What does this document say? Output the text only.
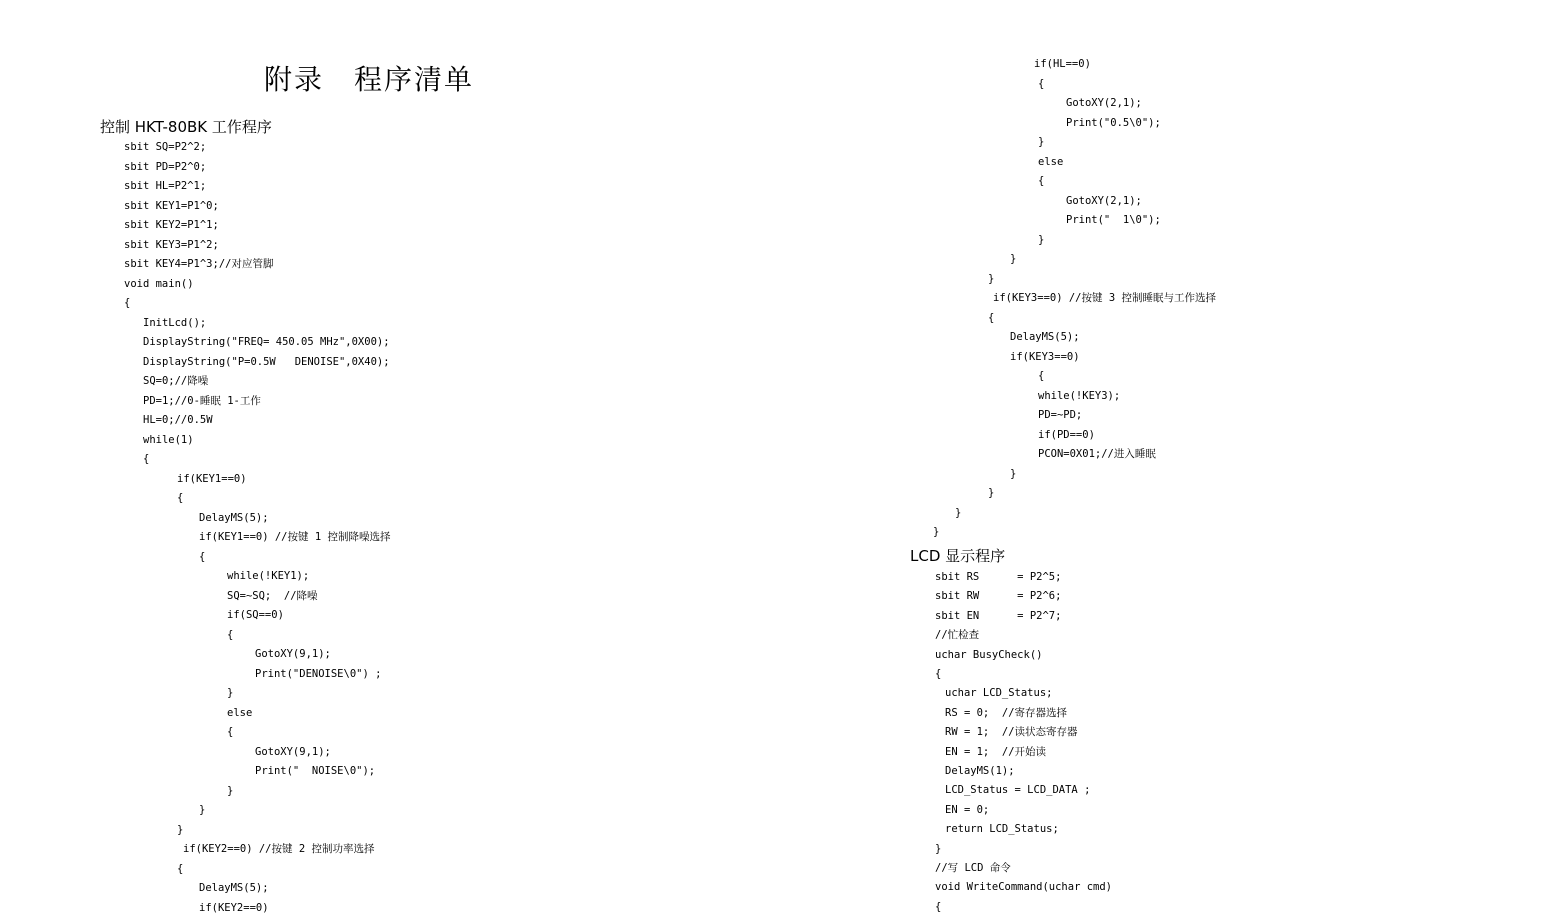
附录　程序清单
控制 HKT-80BK 工作程序
sbit SQ=P2^2;
sbit PD=P2^0;
sbit HL=P2^1;
sbit KEY1=P1^0;
sbit KEY2=P1^1;
sbit KEY3=P1^2;
sbit KEY4=P1^3;//对应管脚
void main()
{
InitLcd();
DisplayString("FREQ= 450.05 MHz",0X00);
DisplayString("P=0.5W   DENOISE",0X40);
SQ=0;//降噪
PD=1;//0-睡眠 1-工作
HL=0;//0.5W
while(1)
{
if(KEY1==0)
{
DelayMS(5);
if(KEY1==0) //按键 1 控制降噪选择
{
while(!KEY1);
SQ=~SQ;  //降噪
if(SQ==0)
{
GotoXY(9,1);
Print("DENOISE\0") ;
}
else
{
GotoXY(9,1);
Print("  NOISE\0");
}
}
}
if(KEY2==0) //按键 2 控制功率选择
{
DelayMS(5);
if(KEY2==0)
if(HL==0)
{
GotoXY(2,1);
Print("0.5\0");
}
else
{
GotoXY(2,1);
Print("  1\0");
}
}
}
if(KEY3==0) //按键 3 控制睡眠与工作选择
{
DelayMS(5);
if(KEY3==0)
{
while(!KEY3);
PD=~PD;
if(PD==0)
PCON=0X01;//进入睡眠
}
}
}
}
sbit RS      = P2^5;
sbit RW      = P2^6;
sbit EN      = P2^7;
//忙检查
uchar BusyCheck()
{
uchar LCD_Status;
RS = 0;  //寄存器选择
RW = 1;  //读状态寄存器
EN = 1;  //开始读
DelayMS(1);
LCD_Status = LCD_DATA ;
EN = 0;
return LCD_Status;
}
//写 LCD 命令
void WriteCommand(uchar cmd)
{
LCD 显示程序
